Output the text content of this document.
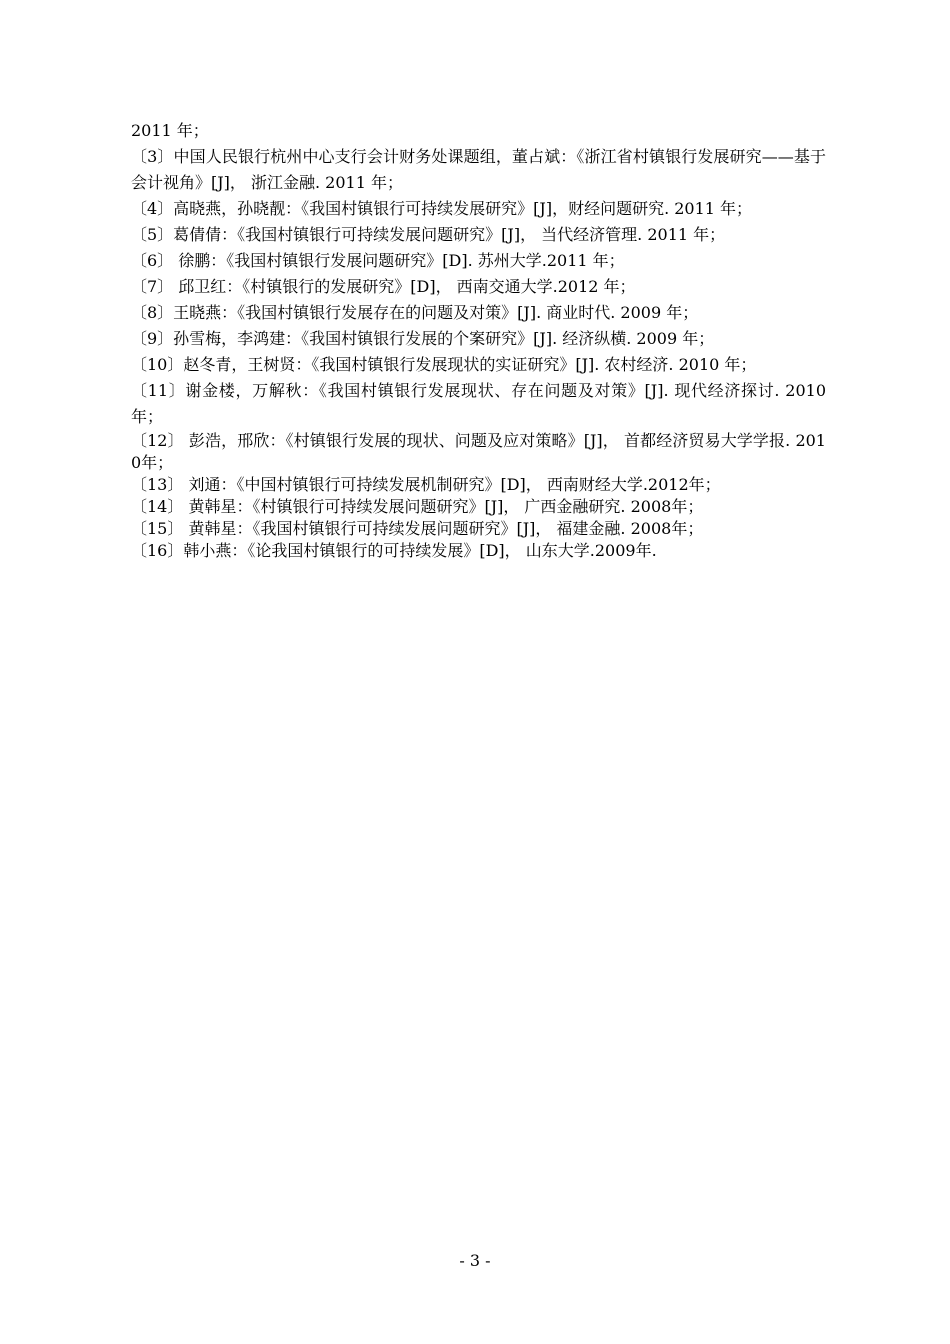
2011 年；

〔3〕中国人民银行杭州中心支行会计财务处课题组，董占斌：《浙江省村镇银行发展研究——基于会计视角》[J]， 浙江金融. 2011 年；

〔4〕高晓燕，孙晓靓：《我国村镇银行可持续发展研究》[J]，财经问题研究. 2011 年；

〔5〕葛倩倩：《我国村镇银行可持续发展问题研究》[J]， 当代经济管理. 2011 年；

〔6〕 徐鹏：《我国村镇银行发展问题研究》[D]. 苏州大学.2011 年；

〔7〕 邱卫红：《村镇银行的发展研究》[D]， 西南交通大学.2012 年；

〔8〕王晓燕：《我国村镇银行发展存在的问题及对策》[J]. 商业时代. 2009 年；

〔9〕孙雪梅，李鸿建：《我国村镇银行发展的个案研究》[J]. 经济纵横. 2009 年；

〔10〕赵冬青，王树贤：《我国村镇银行发展现状的实证研究》[J]. 农村经济. 2010 年；

〔11〕谢金楼，万解秋：《我国村镇银行发展现状、存在问题及对策》[J]. 现代经济探讨. 2010 年；

〔12〕 彭浩，邢欣：《村镇银行发展的现状、问题及应对策略》[J]， 首都经济贸易大学学报. 2010年；

〔13〕 刘通：《中国村镇银行可持续发展机制研究》[D]， 西南财经大学.2012年；

〔14〕 黄韩星：《村镇银行可持续发展问题研究》[J]， 广西金融研究. 2008年；

〔15〕 黄韩星：《我国村镇银行可持续发展问题研究》[J]， 福建金融. 2008年；

〔16〕韩小燕：《论我国村镇银行的可持续发展》[D]， 山东大学.2009年.

- 3 -
